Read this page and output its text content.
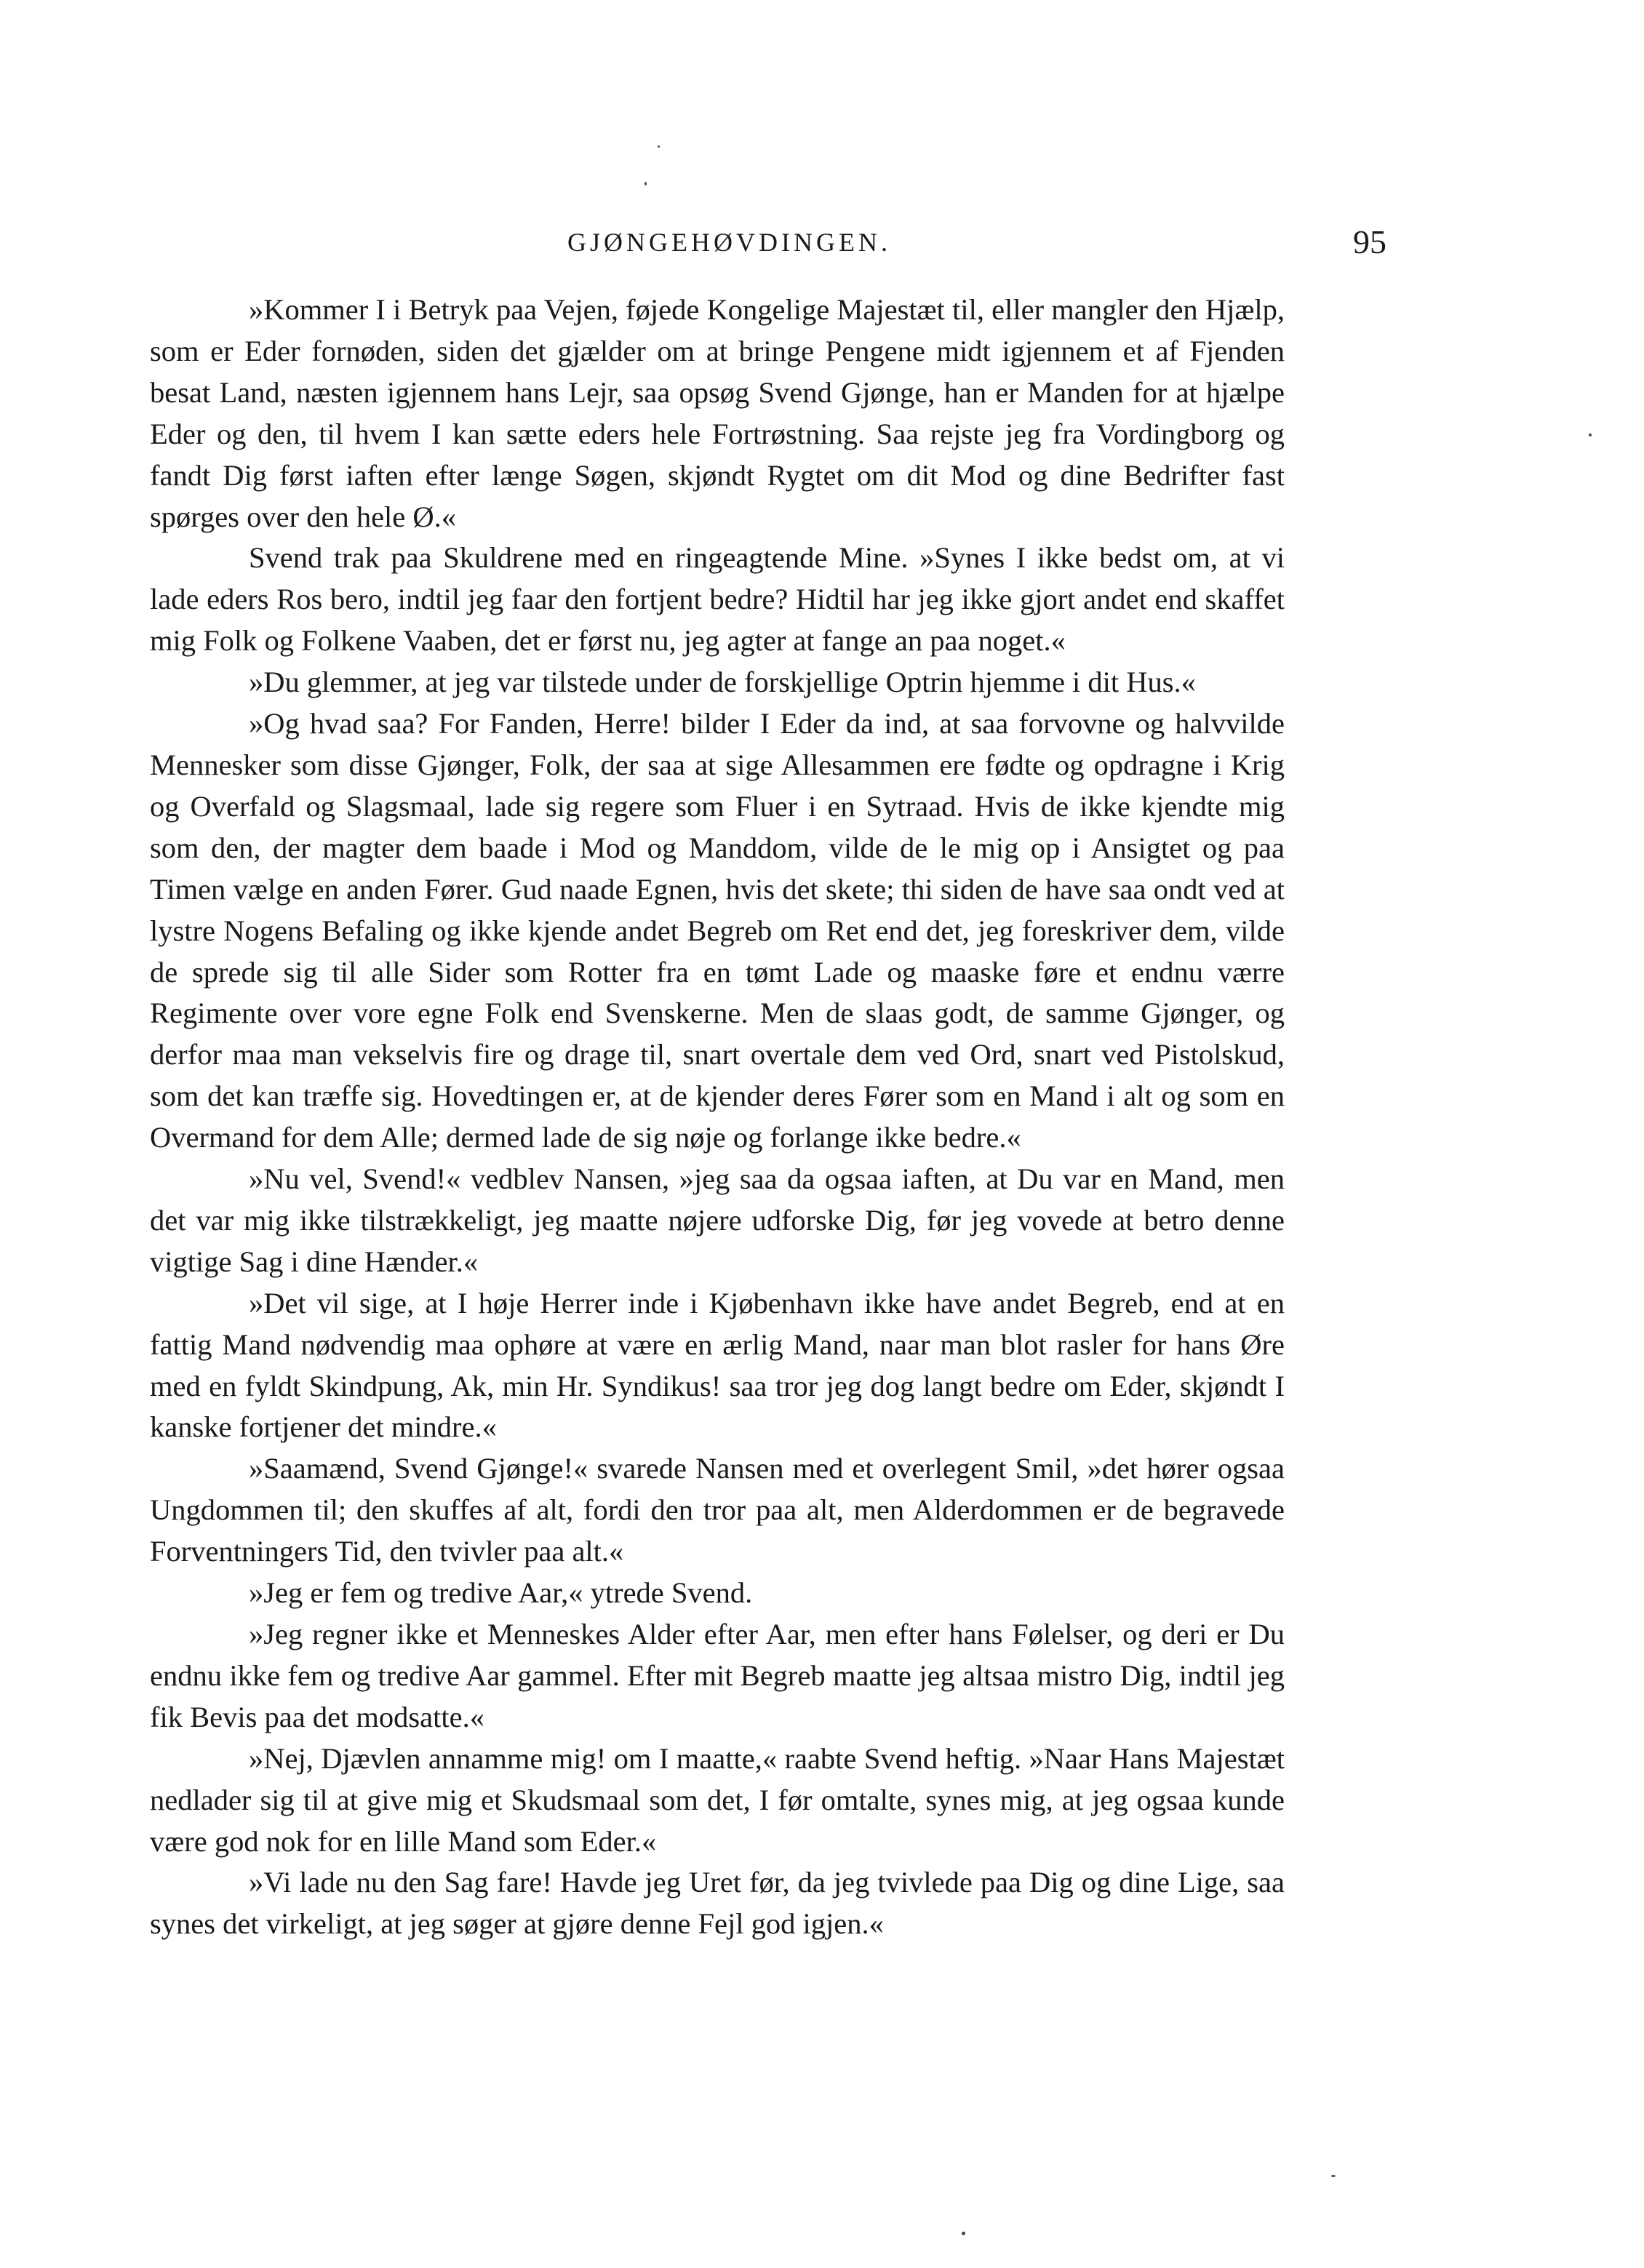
GJØNGEHØVDINGEN.	95

»Kommer I i Betryk paa Vejen, føjede Kongelige Majestæt til, eller mangler den Hjælp, som er Eder fornøden, siden det gjælder om at bringe Pengene midt igjennem et af Fjenden besat Land, næsten igjennem hans Lejr, saa opsøg Svend Gjønge, han er Manden for at hjælpe Eder og den, til hvem I kan sætte eders hele Fortrøstning. Saa rejste jeg fra Vordingborg og fandt Dig først iaften efter længe Søgen, skjøndt Rygtet om dit Mod og dine Bedrifter fast spørges over den hele Ø.«

Svend trak paa Skuldrene med en ringeagtende Mine. »Synes I ikke bedst om, at vi lade eders Ros bero, indtil jeg faar den fortjent bedre? Hidtil har jeg ikke gjort andet end skaffet mig Folk og Folkene Vaaben, det er først nu, jeg agter at fange an paa noget.«

»Du glemmer, at jeg var tilstede under de forskjellige Optrin hjemme i dit Hus.«

»Og hvad saa? For Fanden, Herre! bilder I Eder da ind, at saa forvovne og halvvilde Mennesker som disse Gjønger, Folk, der saa at sige Allesammen ere fødte og opdragne i Krig og Overfald og Slagsmaal, lade sig regere som Fluer i en Sytraad. Hvis de ikke kjendte mig som den, der magter dem baade i Mod og Manddom, vilde de le mig op i Ansigtet og paa Timen vælge en anden Fører. Gud naade Egnen, hvis det skete; thi siden de have saa ondt ved at lystre Nogens Befaling og ikke kjende andet Begreb om Ret end det, jeg foreskriver dem, vilde de sprede sig til alle Sider som Rotter fra en tømt Lade og maaske føre et endnu værre Regimente over vore egne Folk end Svenskerne. Men de slaas godt, de samme Gjønger, og derfor maa man vekselvis fire og drage til, snart overtale dem ved Ord, snart ved Pistolskud, som det kan træffe sig. Hovedtingen er, at de kjender deres Fører som en Mand i alt og som en Overmand for dem Alle; dermed lade de sig nøje og forlange ikke bedre.«

»Nu vel, Svend!« vedblev Nansen, »jeg saa da ogsaa iaften, at Du var en Mand, men det var mig ikke tilstrækkeligt, jeg maatte nøjere udforske Dig, før jeg vovede at betro denne vigtige Sag i dine Hænder.«

»Det vil sige, at I høje Herrer inde i Kjøbenhavn ikke have andet Begreb, end at en fattig Mand nødvendig maa ophøre at være en ærlig Mand, naar man blot rasler for hans Øre med en fyldt Skindpung, Ak, min Hr. Syndikus! saa tror jeg dog langt bedre om Eder, skjøndt I kanske fortjener det mindre.«

»Saamænd, Svend Gjønge!« svarede Nansen med et overlegent Smil, »det hører ogsaa Ungdommen til; den skuffes af alt, fordi den tror paa alt, men Alderdommen er de begravede Forventningers Tid, den tvivler paa alt.«

»Jeg er fem og tredive Aar,« ytrede Svend.

»Jeg regner ikke et Menneskes Alder efter Aar, men efter hans Følelser, og deri er Du endnu ikke fem og tredive Aar gammel. Efter mit Begreb maatte jeg altsaa mistro Dig, indtil jeg fik Bevis paa det modsatte.«

»Nej, Djævlen annamme mig! om I maatte,« raabte Svend heftig. »Naar Hans Majestæt nedlader sig til at give mig et Skudsmaal som det, I før omtalte, synes mig, at jeg ogsaa kunde være god nok for en lille Mand som Eder.«

»Vi lade nu den Sag fare! Havde jeg Uret før, da jeg tvivlede paa Dig og dine Lige, saa synes det virkeligt, at jeg søger at gjøre denne Fejl god igjen.«
